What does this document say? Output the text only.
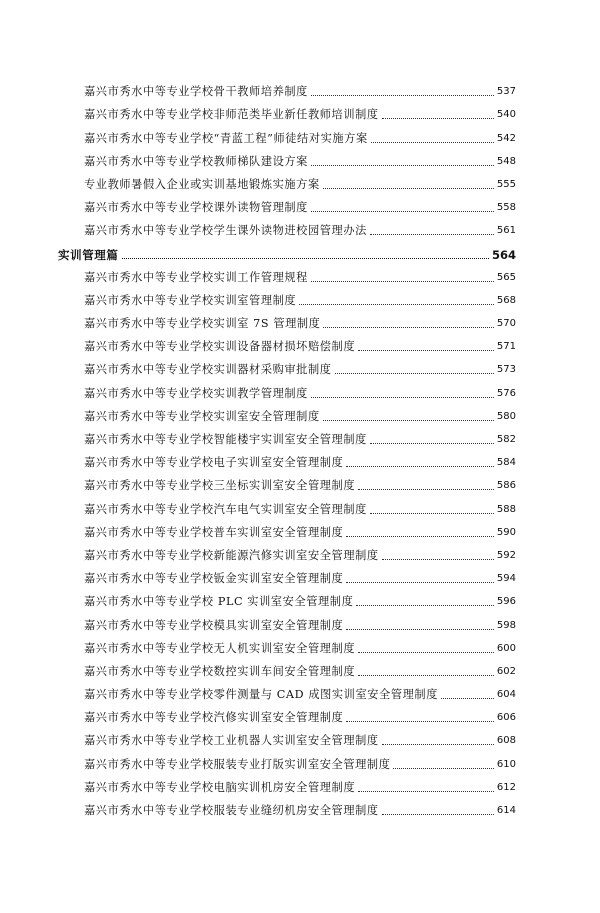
嘉兴市秀水中等专业学校骨干教师培养制度	537
嘉兴市秀水中等专业学校非师范类毕业新任教师培训制度	540
嘉兴市秀水中等专业学校“青蓝工程”师徒结对实施方案	542
嘉兴市秀水中等专业学校教师梯队建设方案	548
专业教师暑假入企业或实训基地锻炼实施方案	555
嘉兴市秀水中等专业学校课外读物管理制度	558
嘉兴市秀水中等专业学校学生课外读物进校园管理办法	561
实训管理篇	564
嘉兴市秀水中等专业学校实训工作管理规程	565
嘉兴市秀水中等专业学校实训室管理制度	568
嘉兴市秀水中等专业学校实训室 7S 管理制度	570
嘉兴市秀水中等专业学校实训设备器材损坏赔偿制度	571
嘉兴市秀水中等专业学校实训器材采购审批制度	573
嘉兴市秀水中等专业学校实训教学管理制度	576
嘉兴市秀水中等专业学校实训室安全管理制度	580
嘉兴市秀水中等专业学校智能楼宇实训室安全管理制度	582
嘉兴市秀水中等专业学校电子实训室安全管理制度	584
嘉兴市秀水中等专业学校三坐标实训室安全管理制度	586
嘉兴市秀水中等专业学校汽车电气实训室安全管理制度	588
嘉兴市秀水中等专业学校普车实训室安全管理制度	590
嘉兴市秀水中等专业学校新能源汽修实训室安全管理制度	592
嘉兴市秀水中等专业学校钣金实训室安全管理制度	594
嘉兴市秀水中等专业学校 PLC 实训室安全管理制度	596
嘉兴市秀水中等专业学校模具实训室安全管理制度	598
嘉兴市秀水中等专业学校无人机实训室安全管理制度	600
嘉兴市秀水中等专业学校数控实训车间安全管理制度	602
嘉兴市秀水中等专业学校零件测量与 CAD 成图实训室安全管理制度	604
嘉兴市秀水中等专业学校汽修实训室安全管理制度	606
嘉兴市秀水中等专业学校工业机器人实训室安全管理制度	608
嘉兴市秀水中等专业学校服装专业打版实训室安全管理制度	610
嘉兴市秀水中等专业学校电脑实训机房安全管理制度	612
嘉兴市秀水中等专业学校服装专业缝纫机房安全管理制度	614
